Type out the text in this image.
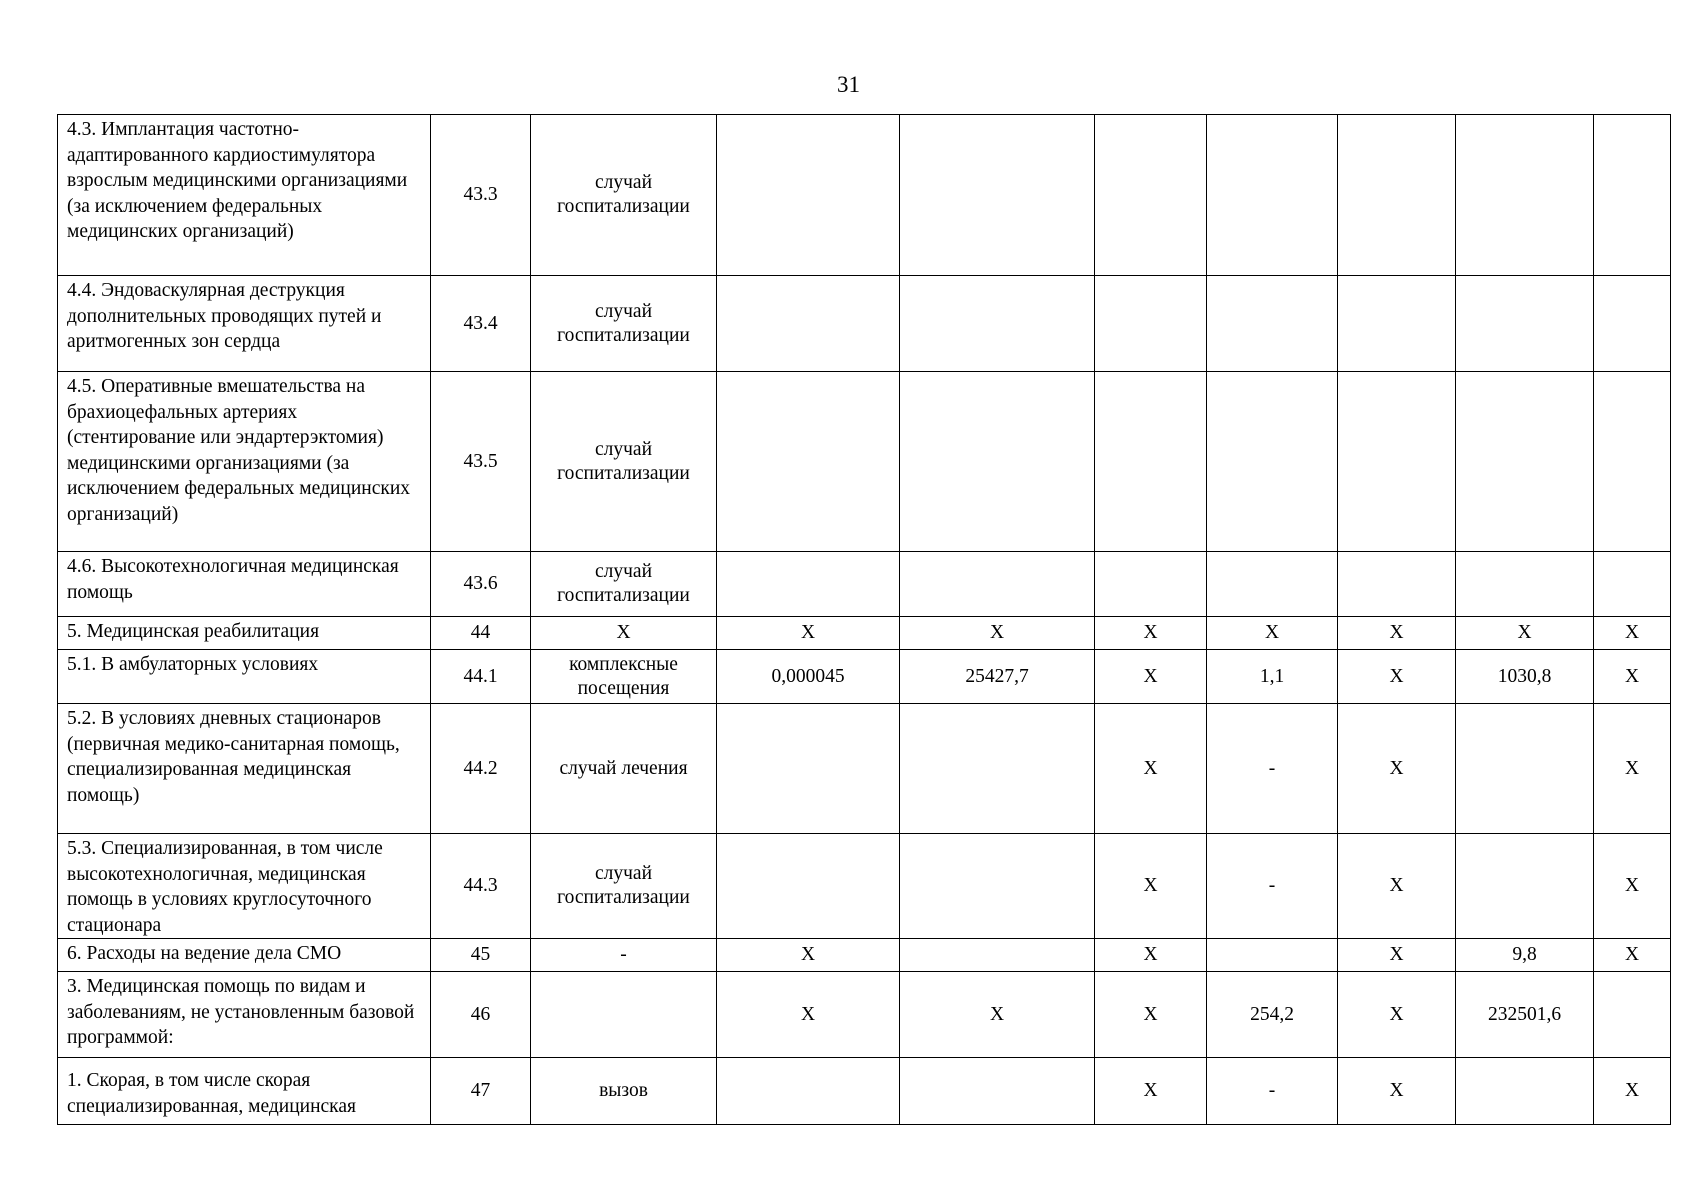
31
4.3. Имплантация частотно-адаптированного кардиостимулятора взрослым медицинскими организациями (за исключением федеральных медицинских организаций)	43.3	случай госпитализации							
4.4. Эндоваскулярная деструкция дополнительных проводящих путей и аритмогенных зон сердца	43.4	случай госпитализации							
4.5. Оперативные вмешательства на брахиоцефальных артериях (стентирование или эндартерэктомия) медицинскими организациями (за исключением федеральных медицинских организаций)	43.5	случай госпитализации							
4.6. Высокотехнологичная медицинская помощь	43.6	случай госпитализации							
5. Медицинская реабилитация	44	Х	Х	Х	Х	Х	Х	Х	Х
5.1. В амбулаторных условиях	44.1	комплексные посещения	0,000045	25427,7	Х	1,1	Х	1030,8	Х
5.2. В условиях дневных стационаров (первичная медико-санитарная помощь, специализированная медицинская помощь)	44.2	случай лечения			Х	-	Х		Х
5.3. Специализированная, в том числе высокотехнологичная, медицинская помощь в условиях круглосуточного стационара	44.3	случай госпитализации			Х	-	Х		Х
6. Расходы на ведение дела СМО	45	-	Х		Х		Х	9,8	Х
3. Медицинская помощь по видам и заболеваниям, не установленным базовой программой:	46		Х	Х	Х	254,2	Х	232501,6	
1. Скорая, в том числе скорая специализированная, медицинская	47	вызов			Х	-	Х		Х
